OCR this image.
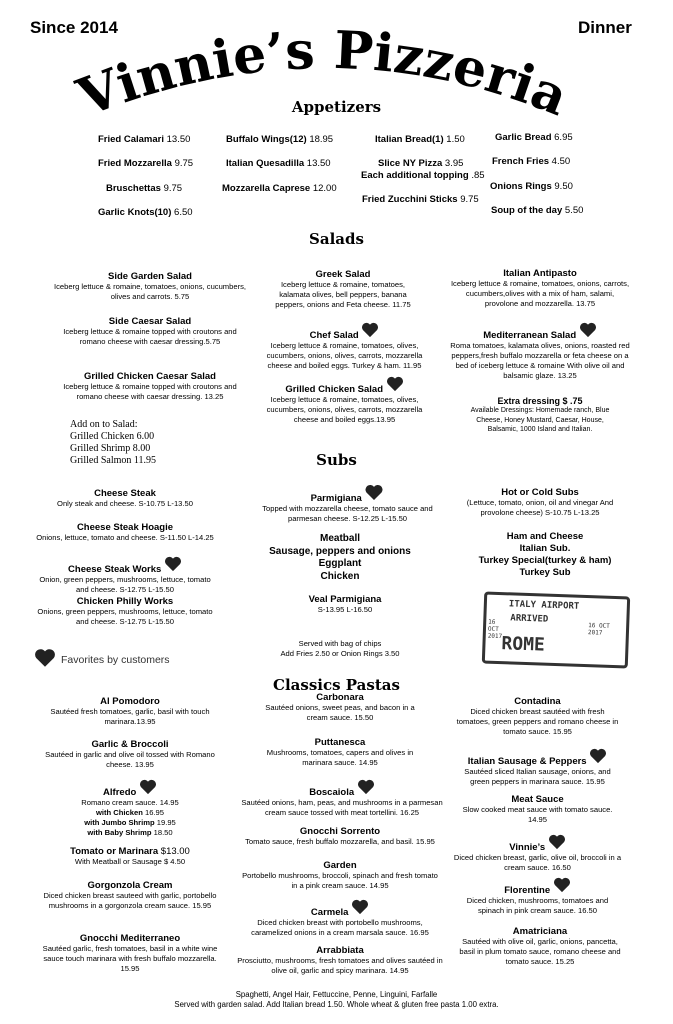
Since 2014	Dinner
Vinnie’s Pizzeria
Appetizers
Fried Calamari 13.50
Fried Mozzarella 9.75
Bruschettas 9.75
Garlic Knots(10) 6.50
Buffalo Wings(12) 18.95
Italian Quesadilla 13.50
Mozzarella Caprese 12.00
Italian Bread(1) 1.50
Slice NY Pizza 3.95
Each additional topping .85
Fried Zucchini Sticks 9.75
Garlic Bread 6.95
French Fries 4.50
Onions Rings 9.50
Soup of the day 5.50
Salads
Side Garden Salad
Iceberg lettuce & romaine, tomatoes, onions, cucumbers, olives and carrots. 5.75
Side Caesar Salad
Iceberg lettuce & romaine topped with croutons and romano cheese with caesar dressing.5.75
Grilled Chicken Caesar Salad
Iceberg lettuce & romaine topped with croutons and romano cheese with caesar dressing. 13.25
Add on to Salad:
Grilled Chicken 6.00
Grilled Shrimp 8.00
Grilled Salmon 11.95
Greek Salad
Iceberg lettuce & romaine, tomatoes, kalamata olives, bell peppers, banana peppers, onions and Feta cheese. 11.75
Chef Salad
Iceberg lettuce & romaine, tomatoes, olives, cucumbers, onions, olives, carrots, mozzarella cheese and boiled eggs. Turkey & ham. 11.95
Grilled Chicken Salad
Iceberg lettuce & romaine, tomatoes, olives, cucumbers, onions, olives, carrots, mozzarella cheese and boiled eggs.13.95
Italian Antipasto
Iceberg lettuce & romaine, tomatoes, onions, carrots, cucumbers,olives with a mix of ham, salami, provolone and mozzarella. 13.75
Mediterranean Salad
Roma tomatoes, kalamata olives, onions, roasted red peppers,fresh buffalo mozzarella or feta cheese on a bed of iceberg lettuce & romaine With olive oil and balsamic glaze. 13.25
Extra dressing $ .75
Available Dressings: Homemade ranch, Blue Cheese, Honey Mustard, Caesar, House, Balsamic, 1000 Island and Italian.
Subs
Cheese Steak
Only steak and cheese. S-10.75 L-13.50
Cheese Steak Hoagie
Onions, lettuce, tomato and cheese. S-11.50 L-14.25
Cheese Steak Works
Onion, green peppers, mushrooms, lettuce, tomato and cheese. S-12.75 L-15.50
Chicken Philly Works
Onions, green peppers, mushrooms, lettuce, tomato and cheese. S-12.75 L-15.50
Favorites by customers
Parmigiana
Topped with mozzarella cheese, tomato sauce and parmesan cheese. S-12.25 L-15.50
Meatball
Sausage, peppers and onions
Eggplant
Chicken
Veal Parmigiana
S-13.95 L-16.50
Served with bag of chips
Add Fries 2.50 or Onion Rings 3.50
Hot or Cold Subs
(Lettuce, tomato, onion, oil and vinegar And provolone cheese) S-10.75 L-13.25
Ham and Cheese
Italian Sub.
Turkey Special(turkey & ham)
Turkey Sub
ITALY AIRPORT
ARRIVED
ROME
16 OCT 2017
16 OCT 2017
Classics Pastas
Al Pomodoro
Sautéed fresh tomatoes, garlic, basil with touch marinara.13.95
Garlic & Broccoli
Sautéed in garlic and olive oil tossed with Romano cheese. 13.95
Alfredo
Romano cream sauce. 14.95
with Chicken 16.95
with Jumbo Shrimp 19.95
with Baby Shrimp 18.50
Tomato or Marinara $13.00
With Meatball or Sausage $ 4.50
Gorgonzola Cream
Diced chicken breast sauteed with garlic, portobello mushrooms in a gorgonzola cream sauce. 15.95
Gnocchi Mediterraneo
Sautéed garlic, fresh tomatoes, basil in a white wine sauce touch marinara with fresh buffalo mozzarella. 15.95
Carbonara
Sautéed onions, sweet peas, and bacon in a cream sauce. 15.50
Puttanesca
Mushrooms, tomatoes, capers and olives in marinara sauce. 14.95
Boscaiola
Sautéed onions, ham, peas, and mushrooms in a parmesan cream sauce tossed with meat tortellini. 16.25
Gnocchi Sorrento
Tomato sauce, fresh buffalo mozzarella, and basil. 15.95
Garden
Portobello mushrooms, broccoli, spinach and fresh tomato in a pink cream sauce. 14.95
Carmela
Diced chicken breast with portobello mushrooms, caramelized onions in a cream marsala sauce. 16.95
Arrabbiata
Prosciutto, mushrooms, fresh tomatoes and olives sautéed in olive oil, garlic and spicy marinara. 14.95
Contadina
Diced chicken breast sautéed with fresh tomatoes, green peppers and romano cheese in tomato sauce. 15.95
Italian Sausage & Peppers
Sautéed sliced Italian sausage, onions, and green peppers in marinara sauce. 15.95
Meat Sauce
Slow cooked meat sauce with tomato sauce. 14.95
Vinnie’s
Diced chicken breast, garlic, olive oil, broccoli in a cream sauce. 16.50
Florentine
Diced chicken, mushrooms, tomatoes and spinach in pink cream sauce. 16.50
Amatriciana
Sautéed with olive oil, garlic, onions, pancetta, basil in plum tomato sauce, romano cheese and tomato sauce. 15.25
Spaghetti, Angel Hair, Fettuccine, Penne, Linguini, Farfalle
Served with garden salad. Add Italian bread 1.50. Whole wheat & gluten free pasta 1.00 extra.
